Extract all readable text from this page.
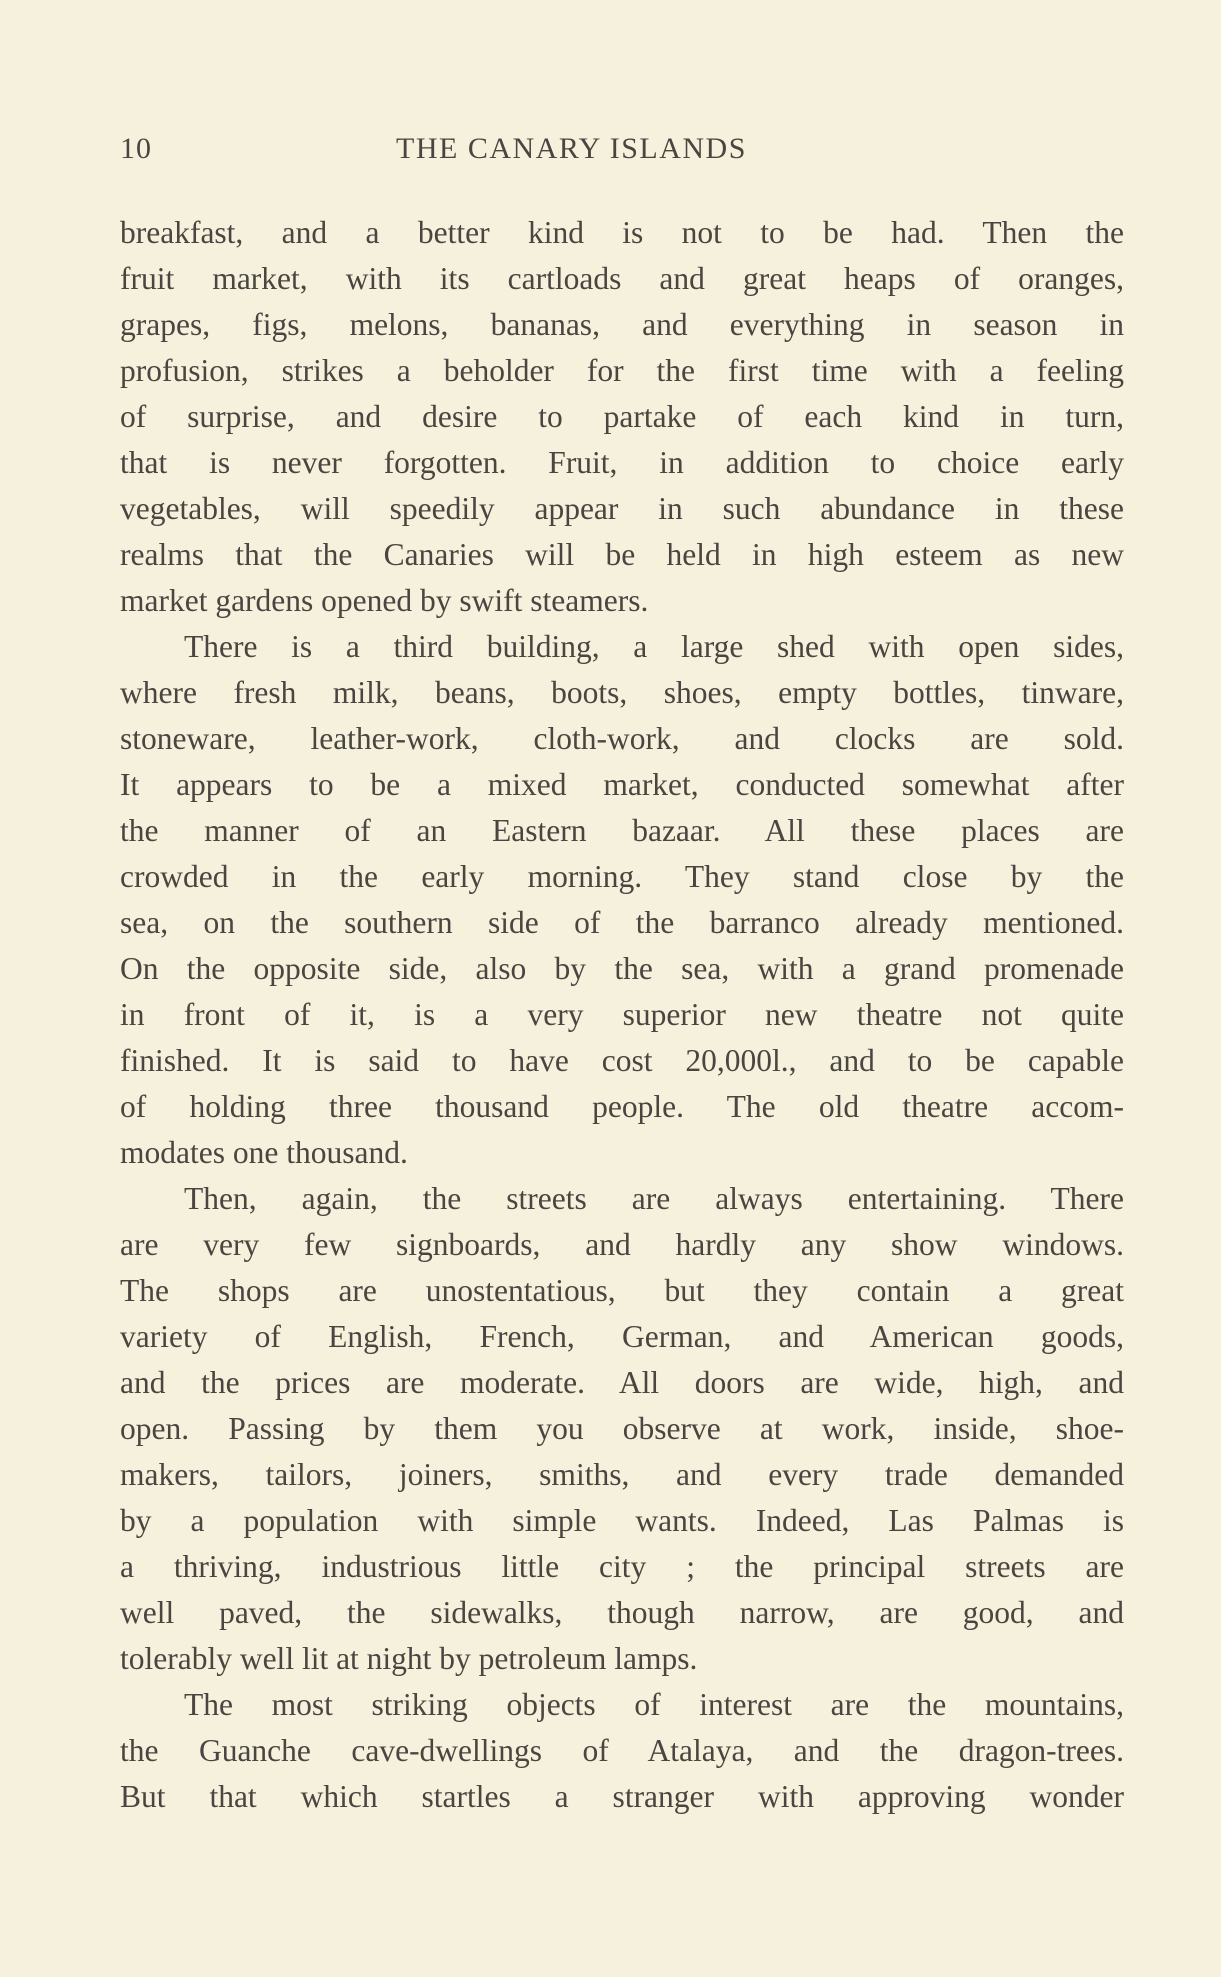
10	THE CANARY ISLANDS
breakfast, and a better kind is not to be had. Then the
fruit market, with its cartloads and great heaps of oranges,
grapes, figs, melons, bananas, and everything in season in
profusion, strikes a beholder for the first time with a feeling
of surprise, and desire to partake of each kind in turn,
that is never forgotten. Fruit, in addition to choice early
vegetables, will speedily appear in such abundance in these
realms that the Canaries will be held in high esteem as new
market gardens opened by swift steamers.
There is a third building, a large shed with open sides,
where fresh milk, beans, boots, shoes, empty bottles, tinware,
stoneware, leather-work, cloth-work, and clocks are sold.
It appears to be a mixed market, conducted somewhat after
the manner of an Eastern bazaar. All these places are
crowded in the early morning. They stand close by the
sea, on the southern side of the barranco already mentioned.
On the opposite side, also by the sea, with a grand promenade
in front of it, is a very superior new theatre not quite
finished. It is said to have cost 20,000l., and to be capable
of holding three thousand people. The old theatre accom-
modates one thousand.
Then, again, the streets are always entertaining. There
are very few signboards, and hardly any show windows.
The shops are unostentatious, but they contain a great
variety of English, French, German, and American goods,
and the prices are moderate. All doors are wide, high, and
open. Passing by them you observe at work, inside, shoe-
makers, tailors, joiners, smiths, and every trade demanded
by a population with simple wants. Indeed, Las Palmas is
a thriving, industrious little city ; the principal streets are
well paved, the sidewalks, though narrow, are good, and
tolerably well lit at night by petroleum lamps.
The most striking objects of interest are the mountains,
the Guanche cave-dwellings of Atalaya, and the dragon-trees.
But that which startles a stranger with approving wonder
